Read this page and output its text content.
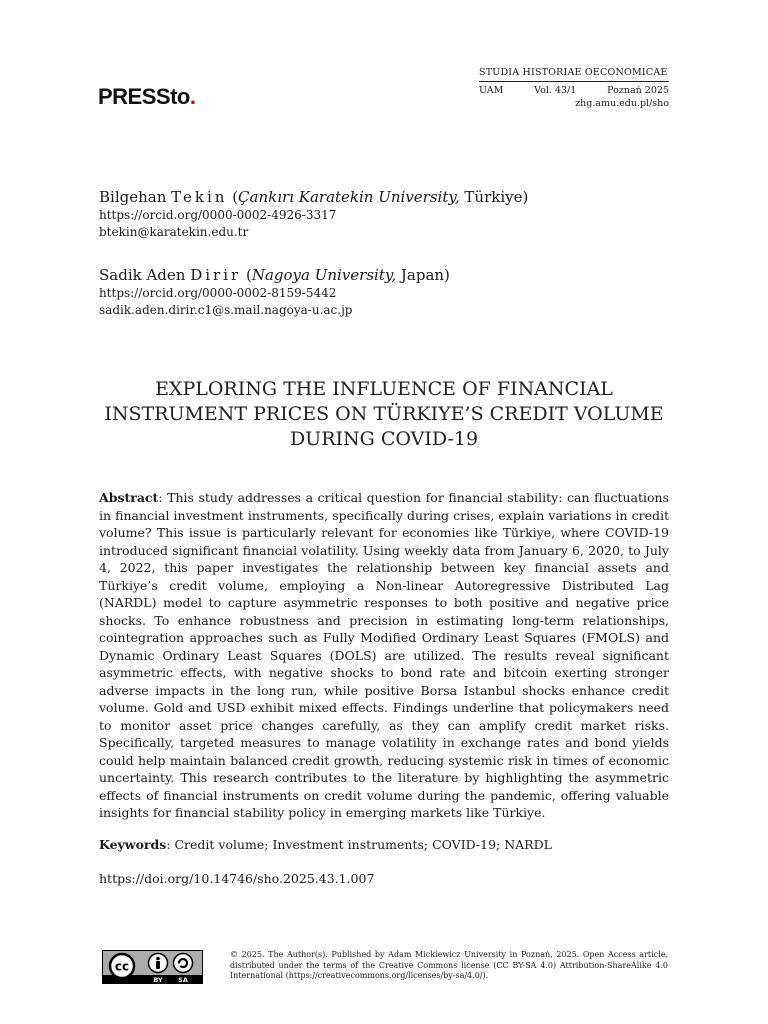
PRESSto.
STUDIA HISTORIAE OECONOMICAE
UAM	Vol. 43/1	Poznań 2025
zhg.amu.edu.pl/sho
Bilgehan Tekin (Çankırı Karatekin University, Türkiye)
https://orcid.org/0000-0002-4926-3317
btekin@karatekin.edu.tr
Sadik Aden Dirir (Nagoya University, Japan)
https://orcid.org/0000-0002-8159-5442
sadik.aden.dirir.c1@s.mail.nagoya-u.ac.jp
EXPLORING THE INFLUENCE OF FINANCIAL
INSTRUMENT PRICES ON TÜRKIYE’S CREDIT VOLUME
DURING COVID-19
Abstract: This study addresses a critical question for financial stability: can fluctuations in financial investment instruments, specifically during crises, explain variations in credit volume? This issue is particularly relevant for economies like Türkiye, where COVID-19 introduced significant financial volatility. Using weekly data from January 6, 2020, to July 4, 2022, this paper investigates the relationship between key financial assets and Türkiye’s credit volume, employing a Non-linear Autoregressive Distributed Lag (NARDL) model to capture asymmetric responses to both positive and negative price shocks. To enhance robustness and precision in estimating long-term relationships, cointegration approaches such as Fully Modified Ordinary Least Squares (FMOLS) and Dynamic Ordinary Least Squares (DOLS) are utilized. The results reveal significant asymmetric effects, with negative shocks to bond rate and bitcoin exerting stronger adverse impacts in the long run, while positive Borsa Istanbul shocks enhance credit volume. Gold and USD exhibit mixed effects. Findings underline that policymakers need to monitor asset price changes carefully, as they can amplify credit market risks. Specifically, targeted measures to manage volatility in exchange rates and bond yields could help maintain balanced credit growth, reducing systemic risk in times of economic uncertainty. This research contributes to the literature by highlighting the asymmetric effects of financial instruments on credit volume during the pandemic, offering valuable insights for financial stability policy in emerging markets like Türkiye.
Keywords: Credit volume; Investment instruments; COVID-19; NARDL
https://doi.org/10.14746/sho.2025.43.1.007
cc
BY SA
© 2025. The Author(s). Published by Adam Mickiewicz University in Poznań, 2025. Open Access article, distributed under the terms of the Creative Commons license (CC BY-SA 4.0) Attribution-ShareAlike 4.0 International (https://creativecommons.org/licenses/by-sa/4.0/).
